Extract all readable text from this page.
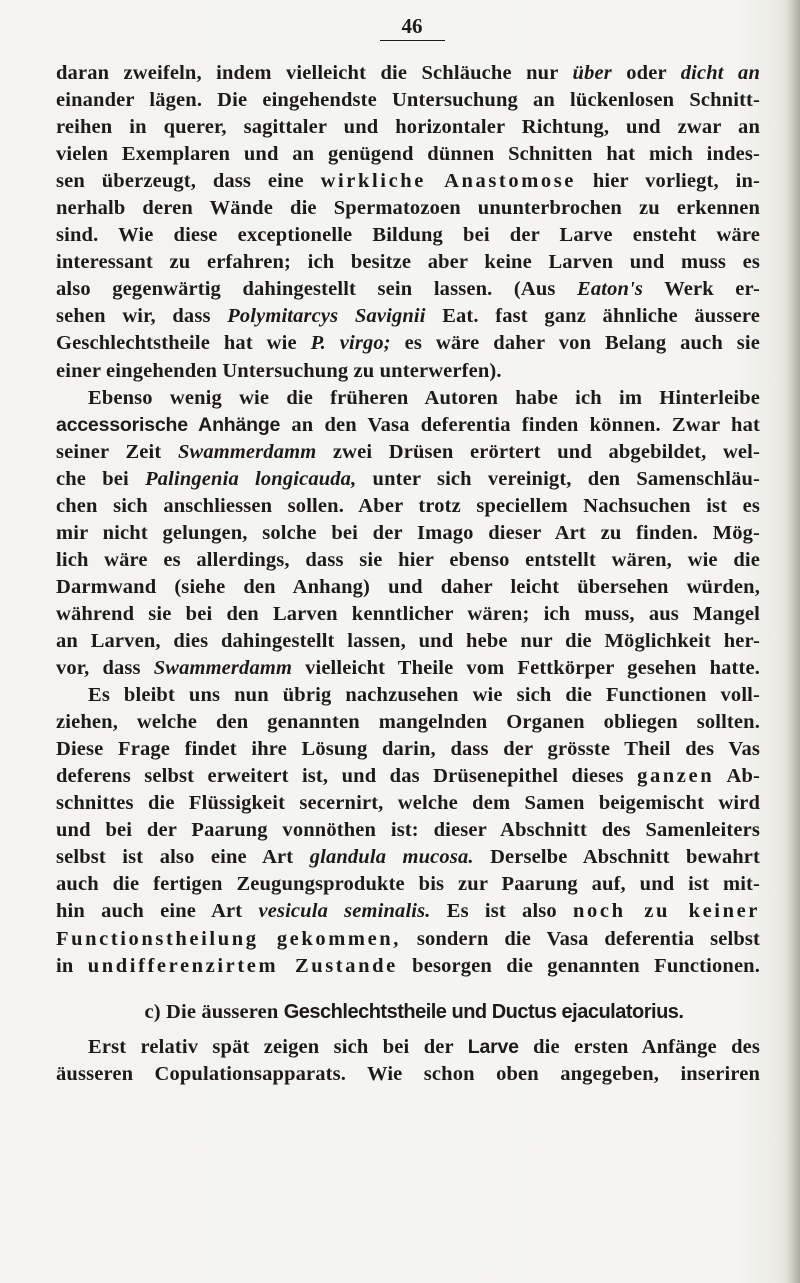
46
daran zweifeln, indem vielleicht die Schläuche nur über oder dicht an
einander lägen. Die eingehendste Untersuchung an lückenlosen Schnitt-
reihen in querer, sagittaler und horizontaler Richtung, und zwar an
vielen Exemplaren und an genügend dünnen Schnitten hat mich indes-
sen überzeugt, dass eine wirkliche Anastomose hier vorliegt, in-
nerhalb deren Wände die Spermatozoen ununterbrochen zu erkennen
sind. Wie diese exceptionelle Bildung bei der Larve ensteht wäre
interessant zu erfahren; ich besitze aber keine Larven und muss es
also gegenwärtig dahingestellt sein lassen. (Aus Eaton's Werk er-
sehen wir, dass Polymitarcys Savignii Eat. fast ganz ähnliche äussere
Geschlechtstheile hat wie P. virgo; es wäre daher von Belang auch sie
einer eingehenden Untersuchung zu unterwerfen).
Ebenso wenig wie die früheren Autoren habe ich im Hinterleibe
accessorische Anhänge an den Vasa deferentia finden können. Zwar hat
seiner Zeit Swammerdamm zwei Drüsen erörtert und abgebildet, wel-
che bei Palingenia longicauda, unter sich vereinigt, den Samenschläu-
chen sich anschliessen sollen. Aber trotz speciellem Nachsuchen ist es
mir nicht gelungen, solche bei der Imago dieser Art zu finden. Mög-
lich wäre es allerdings, dass sie hier ebenso entstellt wären, wie die
Darmwand (siehe den Anhang) und daher leicht übersehen würden,
während sie bei den Larven kenntlicher wären; ich muss, aus Mangel
an Larven, dies dahingestellt lassen, und hebe nur die Möglichkeit her-
vor, dass Swammerdamm vielleicht Theile vom Fettkörper gesehen hatte.
Es bleibt uns nun übrig nachzusehen wie sich die Functionen voll-
ziehen, welche den genannten mangelnden Organen obliegen sollten.
Diese Frage findet ihre Lösung darin, dass der grösste Theil des Vas
deferens selbst erweitert ist, und das Drüsenepithel dieses ganzen Ab-
schnittes die Flüssigkeit secernirt, welche dem Samen beigemischt wird
und bei der Paarung vonnöthen ist: dieser Abschnitt des Samenleiters
selbst ist also eine Art glandula mucosa. Derselbe Abschnitt bewahrt
auch die fertigen Zeugungsprodukte bis zur Paarung auf, und ist mit-
hin auch eine Art vesicula seminalis. Es ist also noch zu keiner
Functionstheilung gekommen, sondern die Vasa deferentia selbst
in undifferenzirtem Zustande besorgen die genannten Functionen.
c) Die äusseren Geschlechtstheile und Ductus ejaculatorius.
Erst relativ spät zeigen sich bei der Larve die ersten Anfänge des
äusseren Copulationsapparats. Wie schon oben angegeben, inseriren
